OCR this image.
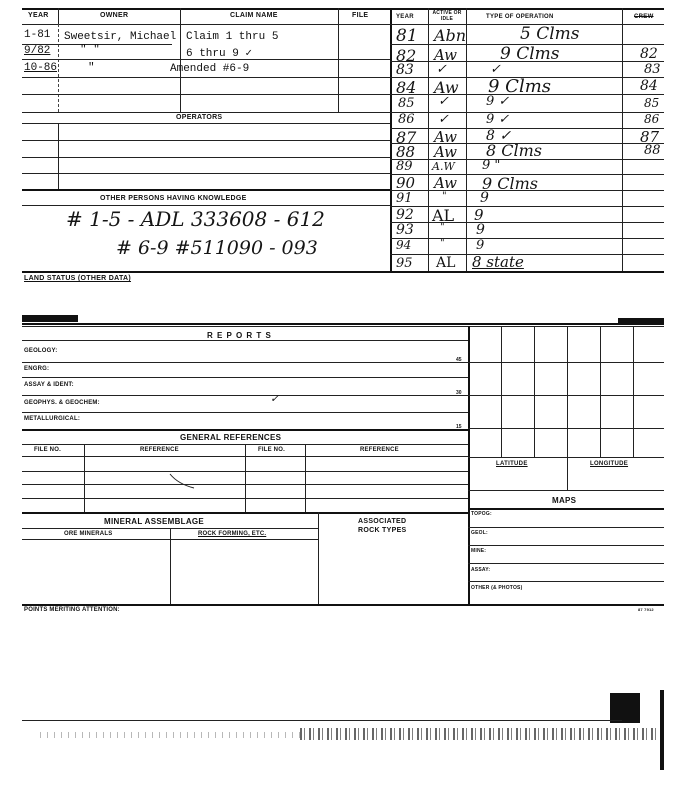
YEAR	OWNER	CLAIM NAME	FILE
1-81 Sweetsir, Michael Claim 1 thru 5
9/82	" "	6 thru 9 ✓
10-86	"	Amended #6-9
OPERATORS
OTHER PERSONS HAVING KNOWLEDGE
# 1-5 - ADL 333608 - 612
# 6-9 #511090 - 093
YEAR
ACTIVE OR IDLE	TYPE OF OPERATION	CREW
81 Abn	5 Clms
82 Aw	9 Clms	82
83 ✓	✓	83
84 Aw 9 Clms	84
85 ✓	9 ✓	85
86 ✓	9 ✓	86
87 Aw 8 ✓	87
88 Aw 8 Clms	88
89 A.W 9 "
90 Aw 9 Clms
91	" 9
92 AL 9
93	" 9
94	" 9
95 AL 8 state
LAND STATUS (OTHER DATA)
R E P O R T S
GEOLOGY:
45
ENGRG:
ASSAY & IDENT:
30
GEOPHYS. & GEOCHEM:	✓
METALLURGICAL:
15
GENERAL REFERENCES
FILE NO.	REFERENCE	FILE NO.	REFERENCE
LATITUDE	LONGITUDE
MAPS
TOPOG:
GEOL:
MINE:
ASSAY:
OTHER (& PHOTOS)
MINERAL ASSEMBLAGE
ORE MINERALS	ROCK FORMING, ETC.
ASSOCIATED
ROCK TYPES
POINTS MERITING ATTENTION:	87 7912
